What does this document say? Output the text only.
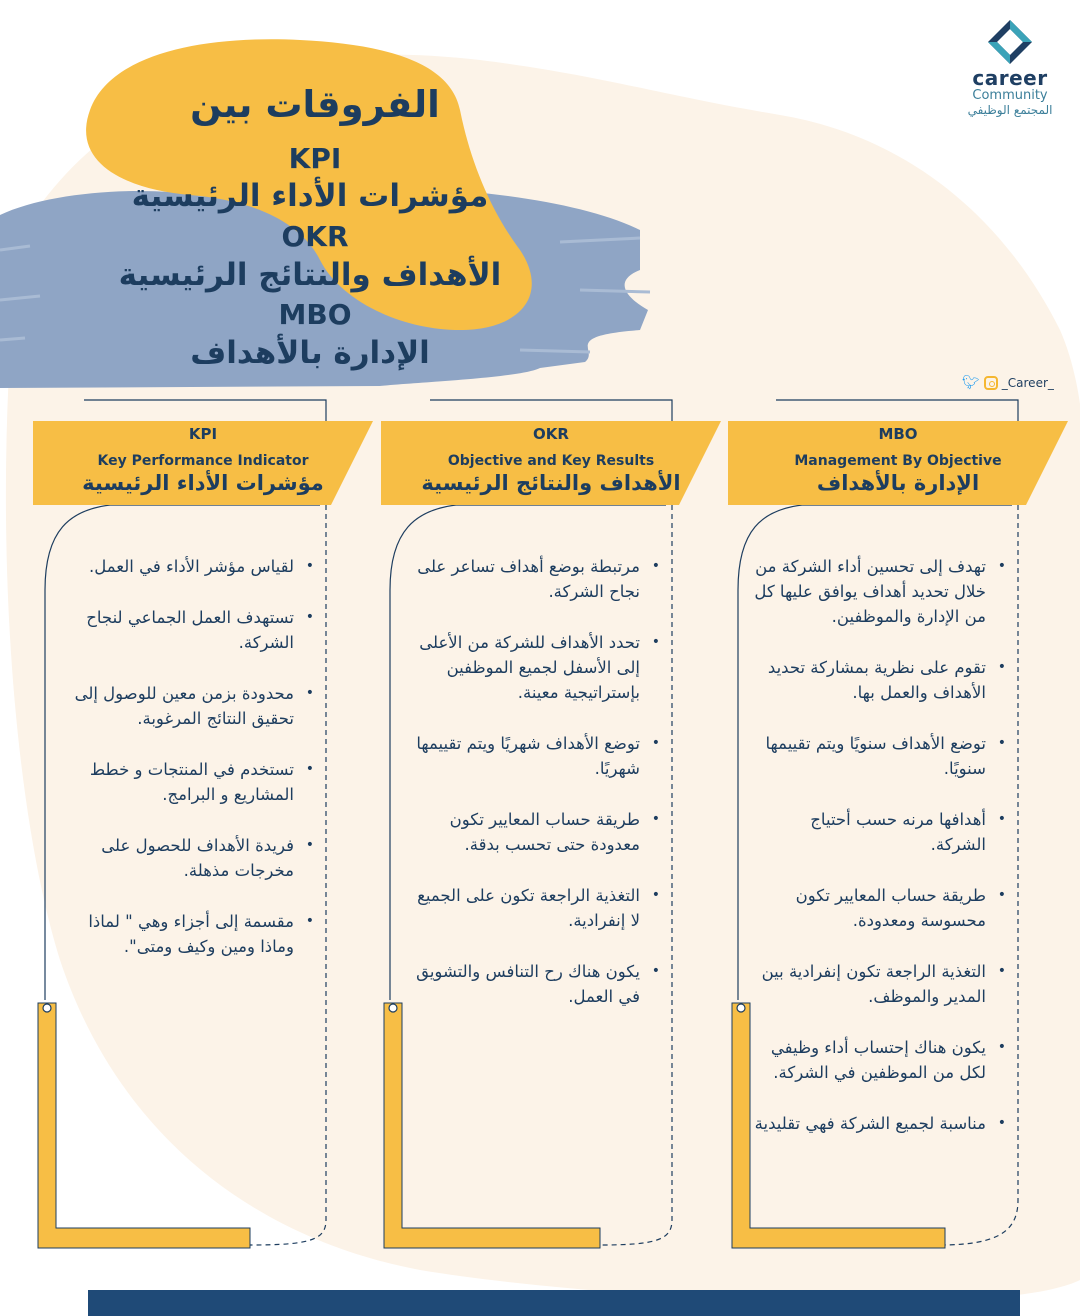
career
Community
المجتمع الوظيفي
الفروقات بين
KPI
مؤشرات الأداء الرئيسية
OKR
الأهداف والنتائج الرئيسية
MBO
الإدارة بالأهداف
🐦︎ _Career_
KPI
Key Performance Indicator
مؤشرات الأداء الرئيسية
OKR
Objective and Key Results
الأهداف والنتائج الرئيسية
MBO
Management By Objective
الإدارة بالأهداف
• لقياس مؤشر الأداء في العمل.
• تستهدف العمل الجماعي لنجاح الشركة.
• محدودة بزمن معين للوصول إلى تحقيق النتائج المرغوبة.
• تستخدم في المنتجات و خطط المشاريع و البرامج.
• فريدة الأهداف للحصول على مخرجات مذهلة.
• مقسمة إلى أجزاء وهي " لماذا وماذا ومين وكيف ومتى".
• مرتبطة بوضع أهداف تساعر على نجاح الشركة.
• تحدد الأهداف للشركة من الأعلى إلى الأسفل لجميع الموظفين بإستراتيجية معينة.
• توضع الأهداف شهريًا ويتم تقييمها شهريًا.
• طريقة حساب المعايير تكون معدودة حتى تحسب بدقة.
• التغذية الراجعة تكون على الجميع لا إنفرادية.
• يكون هناك رح التنافس والتشويق في العمل.
• تهدف إلى تحسين أداء الشركة من خلال تحديد أهداف يوافق عليها كل من الإدارة والموظفين.
• تقوم على نظرية بمشاركة تحديد الأهداف والعمل بها.
• توضع الأهداف سنويًا ويتم تقييمها سنويًا.
• أهدافها مرنه حسب أحتياج الشركة.
• طريقة حساب المعايير تكون محسوسة ومعدودة.
• التغذية الراجعة تكون إنفرادية بين المدير والموظف.
• يكون هناك إحتساب أداء وظيفي لكل من الموظفين في الشركة.
• مناسبة لجميع الشركة فهي تقليدية
